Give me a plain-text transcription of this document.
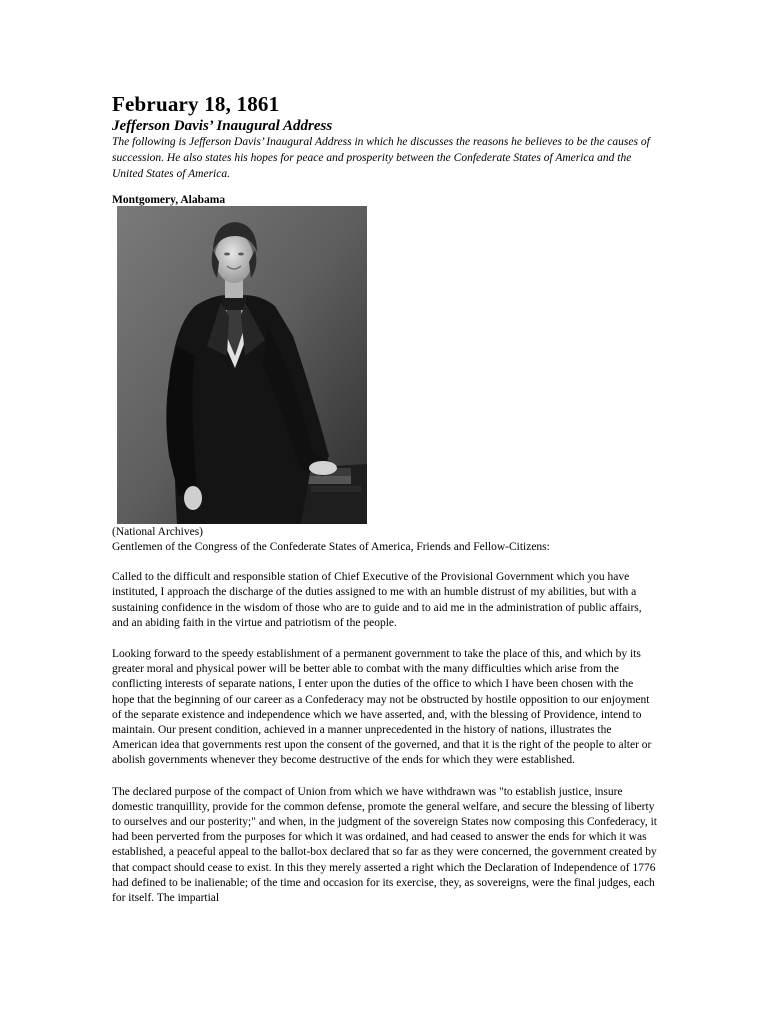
February 18, 1861
Jefferson Davis’ Inaugural Address

The following is Jefferson Davis’ Inaugural Address in which he discusses the reasons he believes to be the causes of succession. He also states his hopes for peace and prosperity between the Confederate States of America and the United States of America.

Montgomery, Alabama

(National Archives)

Gentlemen of the Congress of the Confederate States of America, Friends and Fellow-Citizens:

Called to the difficult and responsible station of Chief Executive of the Provisional Government which you have instituted, I approach the discharge of the duties assigned to me with an humble distrust of my abilities, but with a sustaining confidence in the wisdom of those who are to guide and to aid me in the administration of public affairs, and an abiding faith in the virtue and patriotism of the people.

Looking forward to the speedy establishment of a permanent government to take the place of this, and which by its greater moral and physical power will be better able to combat with the many difficulties which arise from the conflicting interests of separate nations, I enter upon the duties of the office to which I have been chosen with the hope that the beginning of our career as a Confederacy may not be obstructed by hostile opposition to our enjoyment of the separate existence and independence which we have asserted, and, with the blessing of Providence, intend to maintain. Our present condition, achieved in a manner unprecedented in the history of nations, illustrates the American idea that governments rest upon the consent of the governed, and that it is the right of the people to alter or abolish governments whenever they become destructive of the ends for which they were established.

The declared purpose of the compact of Union from which we have withdrawn was "to establish justice, insure domestic tranquillity, provide for the common defense, promote the general welfare, and secure the blessing of liberty to ourselves and our posterity;" and when, in the judgment of the sovereign States now composing this Confederacy, it had been perverted from the purposes for which it was ordained, and had ceased to answer the ends for which it was established, a peaceful appeal to the ballot-box declared that so far as they were concerned, the government created by that compact should cease to exist. In this they merely asserted a right which the Declaration of Independence of 1776 had defined to be inalienable; of the time and occasion for its exercise, they, as sovereigns, were the final judges, each for itself. The impartial
